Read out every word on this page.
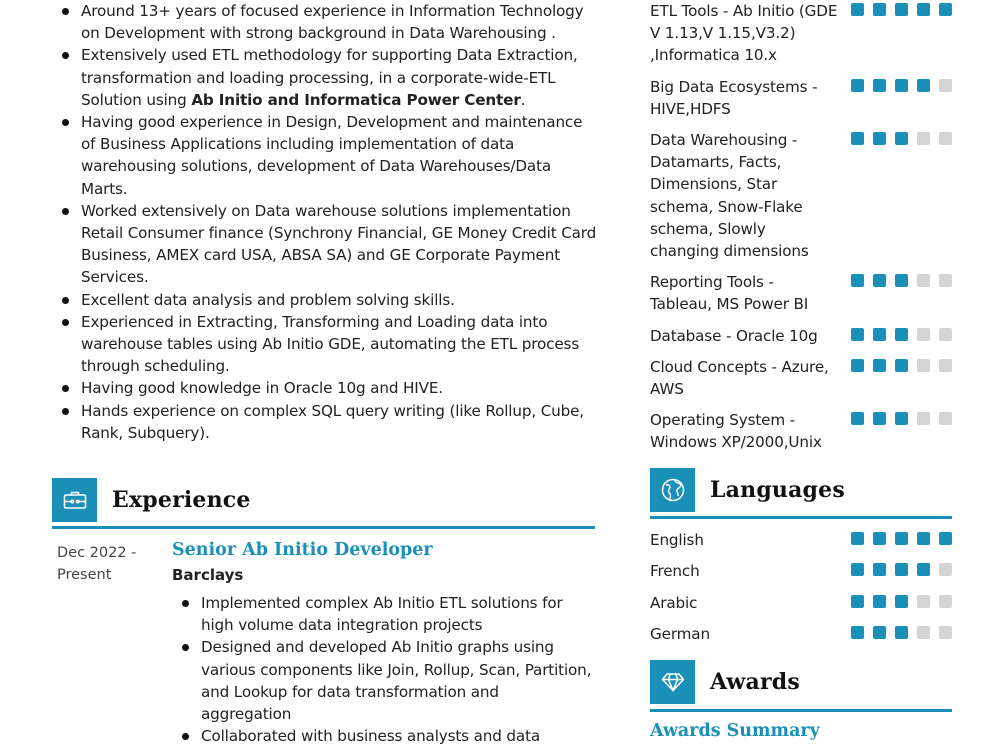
Around 13+ years of focused experience in Information Technology on Development with strong background in Data Warehousing .
Extensively used ETL methodology for supporting Data Extraction, transformation and loading processing, in a corporate-wide-ETL Solution using Ab Initio and Informatica Power Center.
Having good experience in Design, Development and maintenance of Business Applications including implementation of data warehousing solutions, development of Data Warehouses/Data Marts.
Worked extensively on Data warehouse solutions implementation Retail Consumer finance (Synchrony Financial, GE Money Credit Card Business, AMEX card USA, ABSA SA) and GE Corporate Payment Services.
Excellent data analysis and problem solving skills.
Experienced in Extracting, Transforming and Loading data into warehouse tables using Ab Initio GDE, automating the ETL process through scheduling.
Having good knowledge in Oracle 10g and HIVE.
Hands experience on complex SQL query writing (like Rollup, Cube, Rank, Subquery).
Experience
Dec 2022 -
Present
Senior Ab Initio Developer
Barclays
Implemented complex Ab Initio ETL solutions for high volume data integration projects
Designed and developed Ab Initio graphs using various components like Join, Rollup, Scan, Partition, and Lookup for data transformation and aggregation
Collaborated with business analysts and data
ETL Tools - Ab Initio (GDE V 1.13,V 1.15,V3.2) ,Informatica 10.x
Big Data Ecosystems - HIVE,HDFS
Data Warehousing - Datamarts, Facts, Dimensions, Star schema, Snow-Flake schema, Slowly changing dimensions
Reporting Tools - Tableau, MS Power BI
Database - Oracle 10g
Cloud Concepts - Azure, AWS
Operating System - Windows XP/2000,Unix
Languages
English
French
Arabic
German
Awards
Awards Summary
